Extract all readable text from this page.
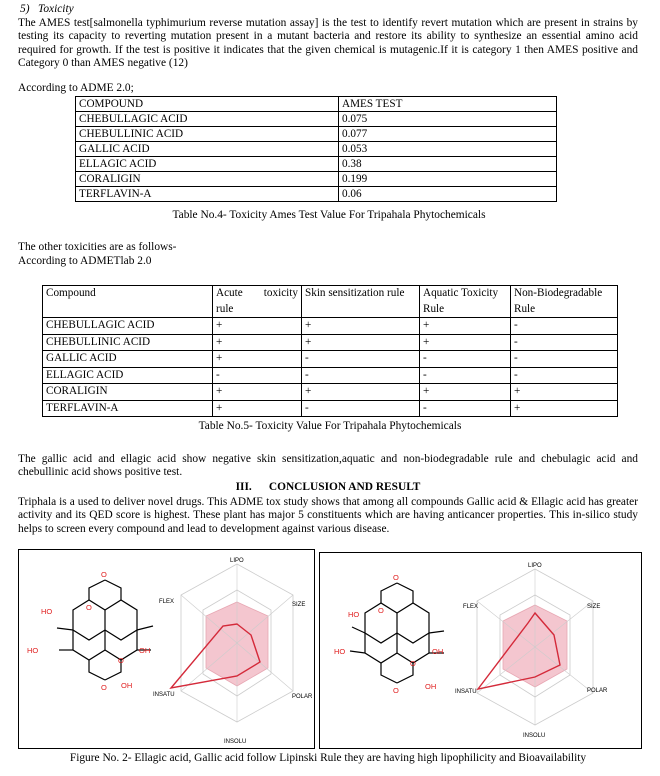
5) Toxicity
The AMES test[salmonella typhimurium reverse mutation assay] is the test to identify revert mutation which are present in strains by testing its capacity to reverting mutation present in a mutant bacteria and restore its ability to synthesize an essential amino acid required for growth. If the test is positive it indicates that the given chemical is mutagenic.If it is category 1 then AMES positive and Category 0 than AMES negative (12)
According to ADME 2.0;
COMPOUND	AMES TEST
CHEBULLAGIC ACID	0.075
CHEBULLINIC ACID	0.077
GALLIC ACID	0.053
ELLAGIC ACID	0.38
CORALIGIN	0.199
TERFLAVIN-A	0.06
Table No.4- Toxicity Ames Test Value For Tripahala Phytochemicals
The other toxicities are as follows-
According to ADMETlab 2.0
Compound	Acute toxicity rule	Skin sensitization rule	Aquatic Toxicity Rule	Non-Biodegradable Rule
CHEBULLAGIC ACID	+	+	+	-
CHEBULLINIC ACID	+	+	+	-
GALLIC ACID	+	-	-	-
ELLAGIC ACID	-	-	-	-
CORALIGIN	+	+	+	+
TERFLAVIN-A	+	-	-	+
Table No.5- Toxicity Value For Tripahala Phytochemicals
The gallic acid and ellagic acid show negative skin sensitization,aquatic and non-biodegradable rule and chebulagic acid and chebullinic acid shows positive test.
III. CONCLUSION AND RESULT
Triphala is a used to deliver novel drugs. This ADME tox study shows that among all compounds Gallic acid & Ellagic acid has greater activity and its QED score is highest. These plant has major 5 constituents which are having anticancer properties. This in-silico study helps to screen every compound and lead to development against various disease.
HO
HO	OH
OH
O
O
O
O
LIPO
SIZE
POLAR
INSOLU
INSATU
FLEX
HO
HO	OH
OH
O
O
O
O
LIPO
SIZE
POLAR
INSOLU
INSATU
FLEX
Figure No. 2- Ellagic acid, Gallic acid follow Lipinski Rule they are having high lipophilicity and Bioavailability
